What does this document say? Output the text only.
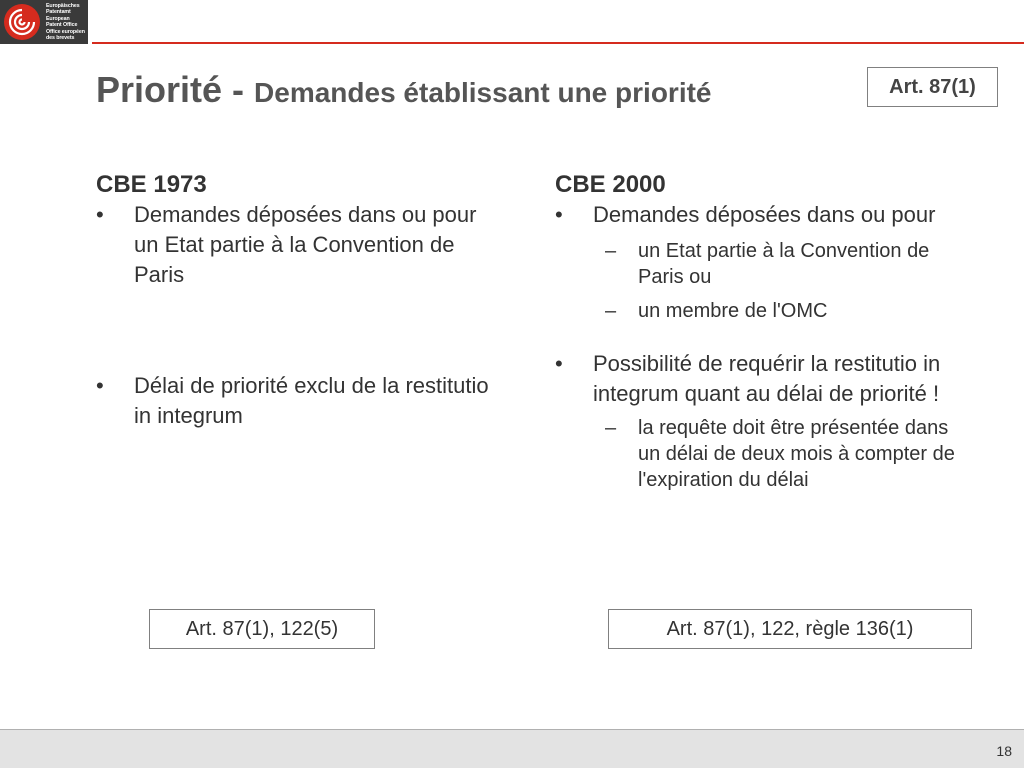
Europäisches
Patentamt
European
Patent Office
Office européen
des brevets
Priorité - Demandes établissant une priorité	Art. 87(1)
CBE 1973
• Demandes déposées dans ou pour un Etat partie à la Convention de Paris
• Délai de priorité exclu de la restitutio in integrum
CBE 2000
• Demandes déposées dans ou pour
– un Etat partie à la Convention de Paris ou
– un membre de l'OMC
• Possibilité de requérir la restitutio in integrum quant au délai de priorité !
– la requête doit être présentée dans un délai de deux mois à compter de l'expiration du délai
Art. 87(1), 122(5)	Art. 87(1), 122, règle 136(1)
18
